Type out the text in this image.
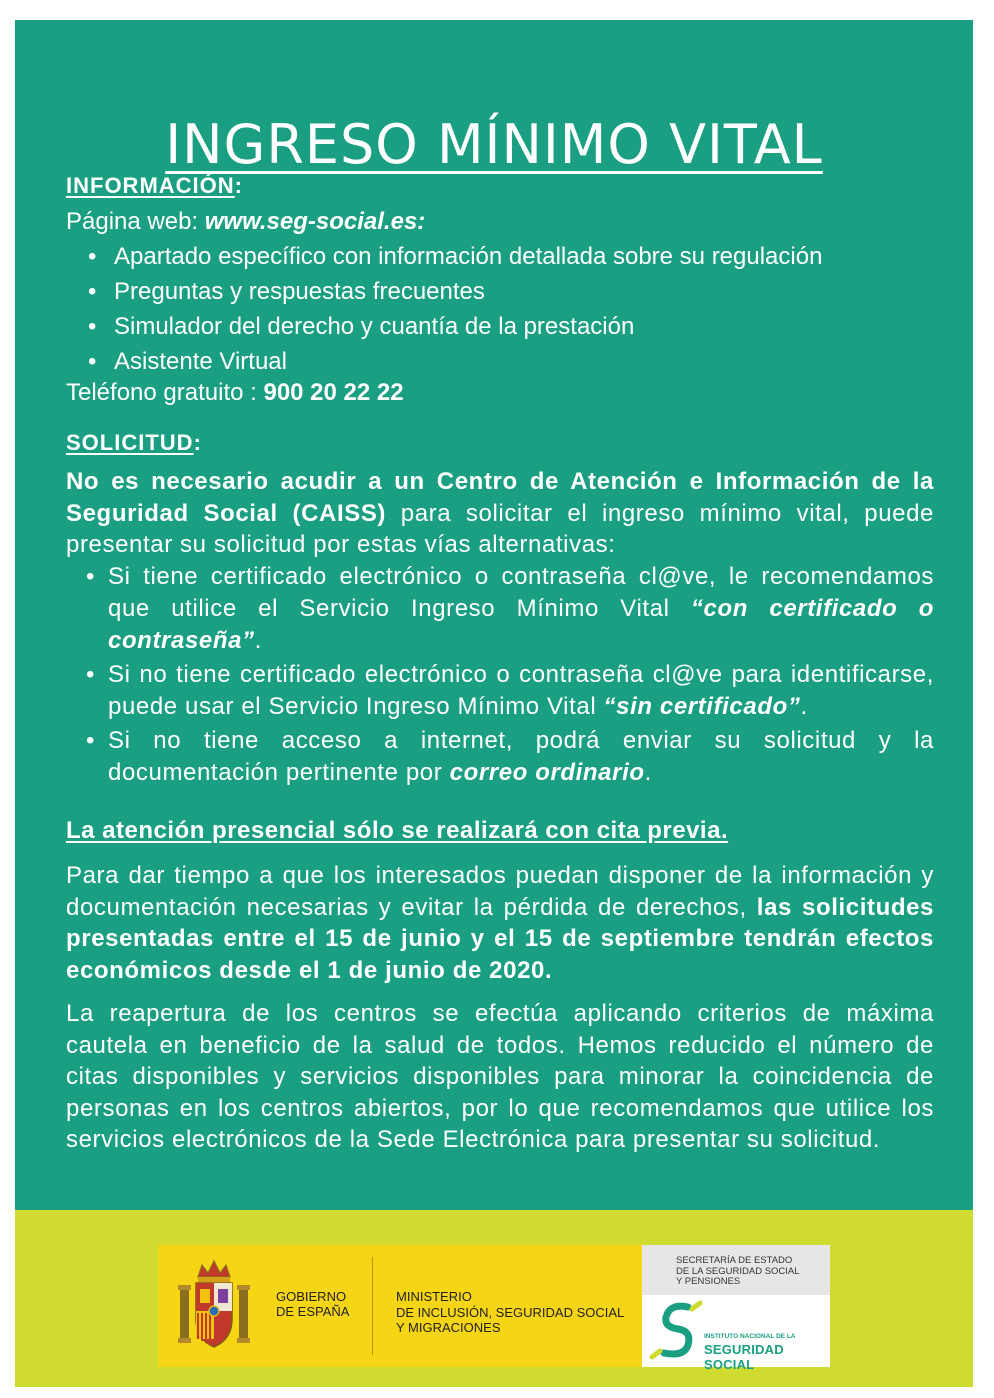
INGRESO MÍNIMO VITAL

INFORMACIÓN:

Página web: www.seg-social.es:

• Apartado específico con información detallada sobre su regulación
• Preguntas y respuestas frecuentes
• Simulador del derecho y cuantía de la prestación
• Asistente Virtual

Teléfono gratuito : 900 20 22 22

SOLICITUD:

No es necesario acudir a un Centro de Atención e Información de la Seguridad Social (CAISS) para solicitar el ingreso mínimo vital, puede presentar su solicitud por estas vías alternativas:

• Si tiene certificado electrónico o contraseña cl@ve, le recomendamos que utilice el Servicio Ingreso Mínimo Vital “con certificado o contraseña”.
• Si no tiene certificado electrónico o contraseña cl@ve para identificarse, puede usar el Servicio Ingreso Mínimo Vital “sin certificado”.
• Si no tiene acceso a internet, podrá enviar su solicitud y la documentación pertinente por correo ordinario.

La atención presencial sólo se realizará con cita previa.

Para dar tiempo a que los interesados puedan disponer de la información y documentación necesarias y evitar la pérdida de derechos, las solicitudes presentadas entre el 15 de junio y el 15 de septiembre tendrán efectos económicos desde el 1 de junio de 2020.

La reapertura de los centros se efectúa aplicando criterios de máxima cautela en beneficio de la salud de todos. Hemos reducido el número de citas disponibles y servicios disponibles para minorar la coincidencia de personas en los centros abiertos, por lo que recomendamos que utilice los servicios electrónicos de la Sede Electrónica para presentar su solicitud.

GOBIERNO
DE ESPAÑA
MINISTERIO
DE INCLUSIÓN, SEGURIDAD SOCIAL
Y MIGRACIONES
SECRETARÍA DE ESTADO
DE LA SEGURIDAD SOCIAL
Y PENSIONES
INSTITUTO NACIONAL DE LA
SEGURIDAD SOCIAL
